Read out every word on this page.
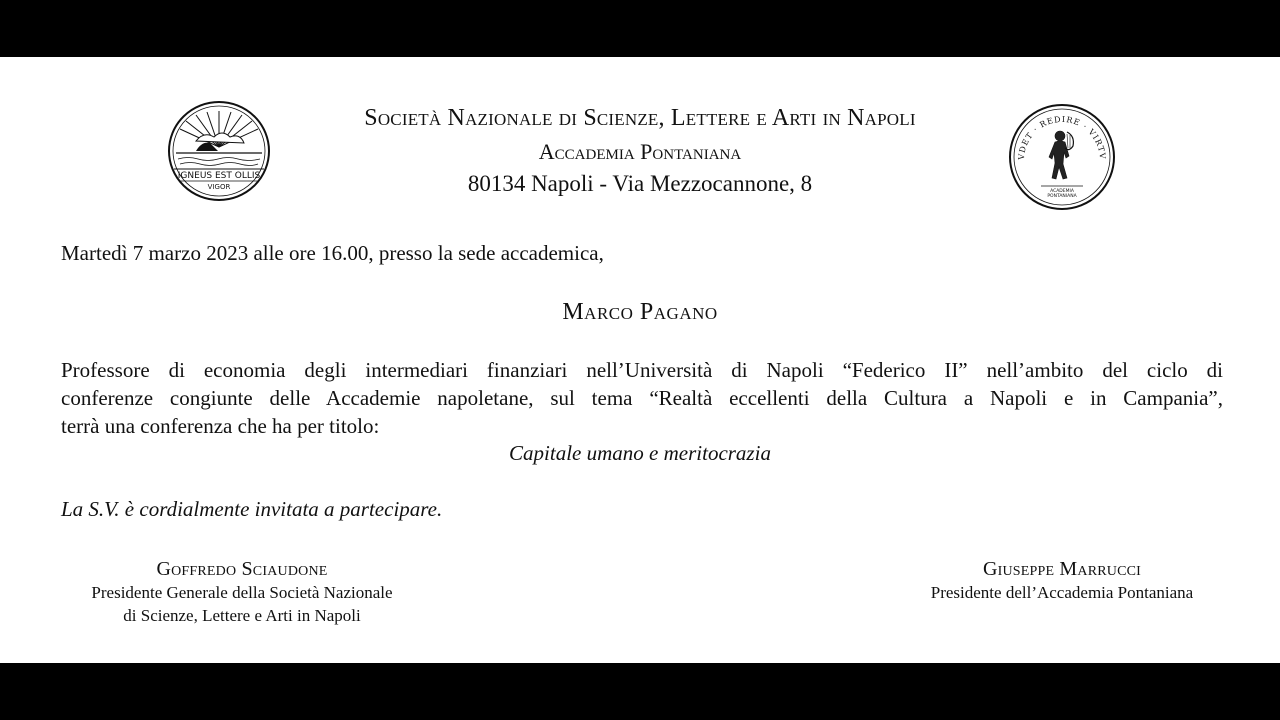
IGNEUS EST OLLIS
VIGOR
Società Nazionale di Scienze, Lettere e Arti in Napoli
Accademia Pontaniana
80134 Napoli - Via Mezzocannone, 8
VDET · REDIRE · VIRTV
ACADEMIA
PONTANIANA
Martedì 7 marzo 2023 alle ore 16.00, presso la sede accademica,
Marco Pagano
Professore di economia degli intermediari finanziari nell’Università di Napoli “Federico II” nell’ambito del ciclo di
conferenze congiunte delle Accademie napoletane, sul tema “Realtà eccellenti della Cultura a Napoli e in Campania”,
terrà una conferenza che ha per titolo:
Capitale umano e meritocrazia
La S.V. è cordialmente invitata a partecipare.
Goffredo Sciaudone
Presidente Generale della Società Nazionale
di Scienze, Lettere e Arti in Napoli
Giuseppe Marrucci
Presidente dell’Accademia Pontaniana
